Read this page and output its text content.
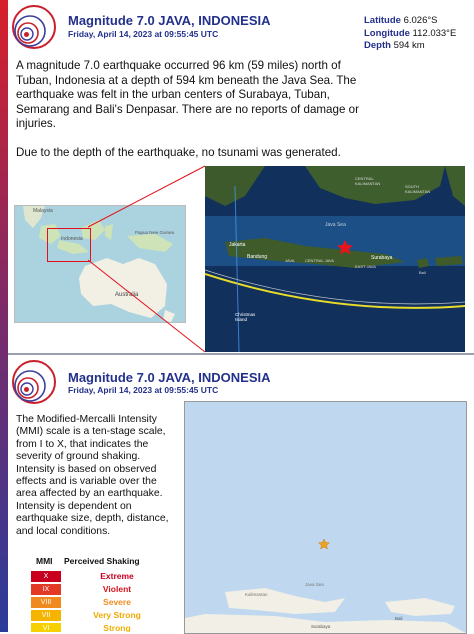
Magnitude 7.0 JAVA, INDONESIA
Friday, April 14, 2023 at 09:55:45 UTC
Latitude 6.026°S
Longitude 112.033°E
Depth 594 km

A magnitude 7.0 earthquake occurred 96 km (59 miles) north of Tuban, Indonesia at a depth of 594 km beneath the Java Sea. The earthquake was felt in the urban centers of Surabaya, Tuban, Semarang and Bali's Denpasar. There are no reports of damage or injuries.

Due to the depth of the earthquake, no tsunami was generated.

Malaysia
Indonesia
Papua New Guinea
Australia
CENTRAL KALIMANTAN
SOUTH KALIMANTAN
Java Sea
Jakarta
Bandung
JAVA	CENTRAL JAVA
EAST JAVA
Surabaya
Bali
Christmas Island
Magnitude 7.0 JAVA, INDONESIA
Friday, April 14, 2023 at 09:55:45 UTC

The Modified-Mercalli Intensity (MMI) scale is a ten-stage scale, from I to X, that indicates the severity of ground shaking. Intensity is based on observed effects and is variable over the area affected by an earthquake. Intensity is dependent on earthquake size, depth, distance, and local conditions.

MMI Perceived Shaking
X	Extreme
IX	Violent
VIII	Severe
VII	Very Strong
VI	Strong
Kalimantan
Java Sea
Surabaya
Bali
